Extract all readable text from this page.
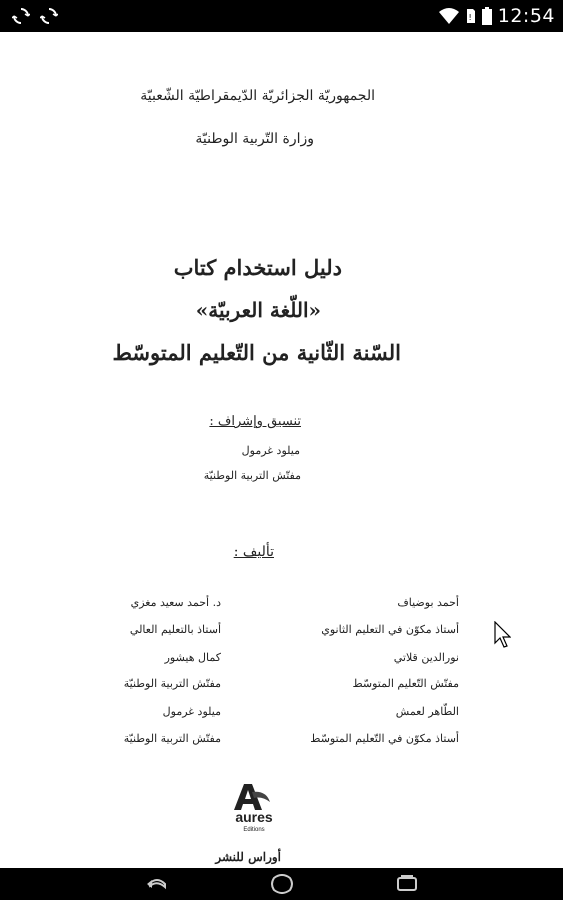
! 12:54
الجمهوريّة الجزائريّة الدّيمقراطيّة الشّعبيّة
وزارة التّربية الوطنيّة
دليل استخدام كتاب
«اللّغة العربيّة»
السّنة الثّانية من التّعليم المتوسّط
تنسيق وإشراف :
ميلود غرمول
مفتّش التربية الوطنيّة
تأليف :
د. أحمد سعيد مغزي
أستاذ بالتعليم العالي
كمال هيشور
مفتّش التربية الوطنيّة
ميلود غرمول
مفتّش التربية الوطنيّة
أحمد بوضياف
أستاذ مكوّن في التعليم الثانوي
نورالدين قلاتي
مفتّش التّعليم المتوسّط
الطّاهر لعمش
أستاذ مكوّن في التّعليم المتوسّط
aures
Editions
أوراس للنشر
